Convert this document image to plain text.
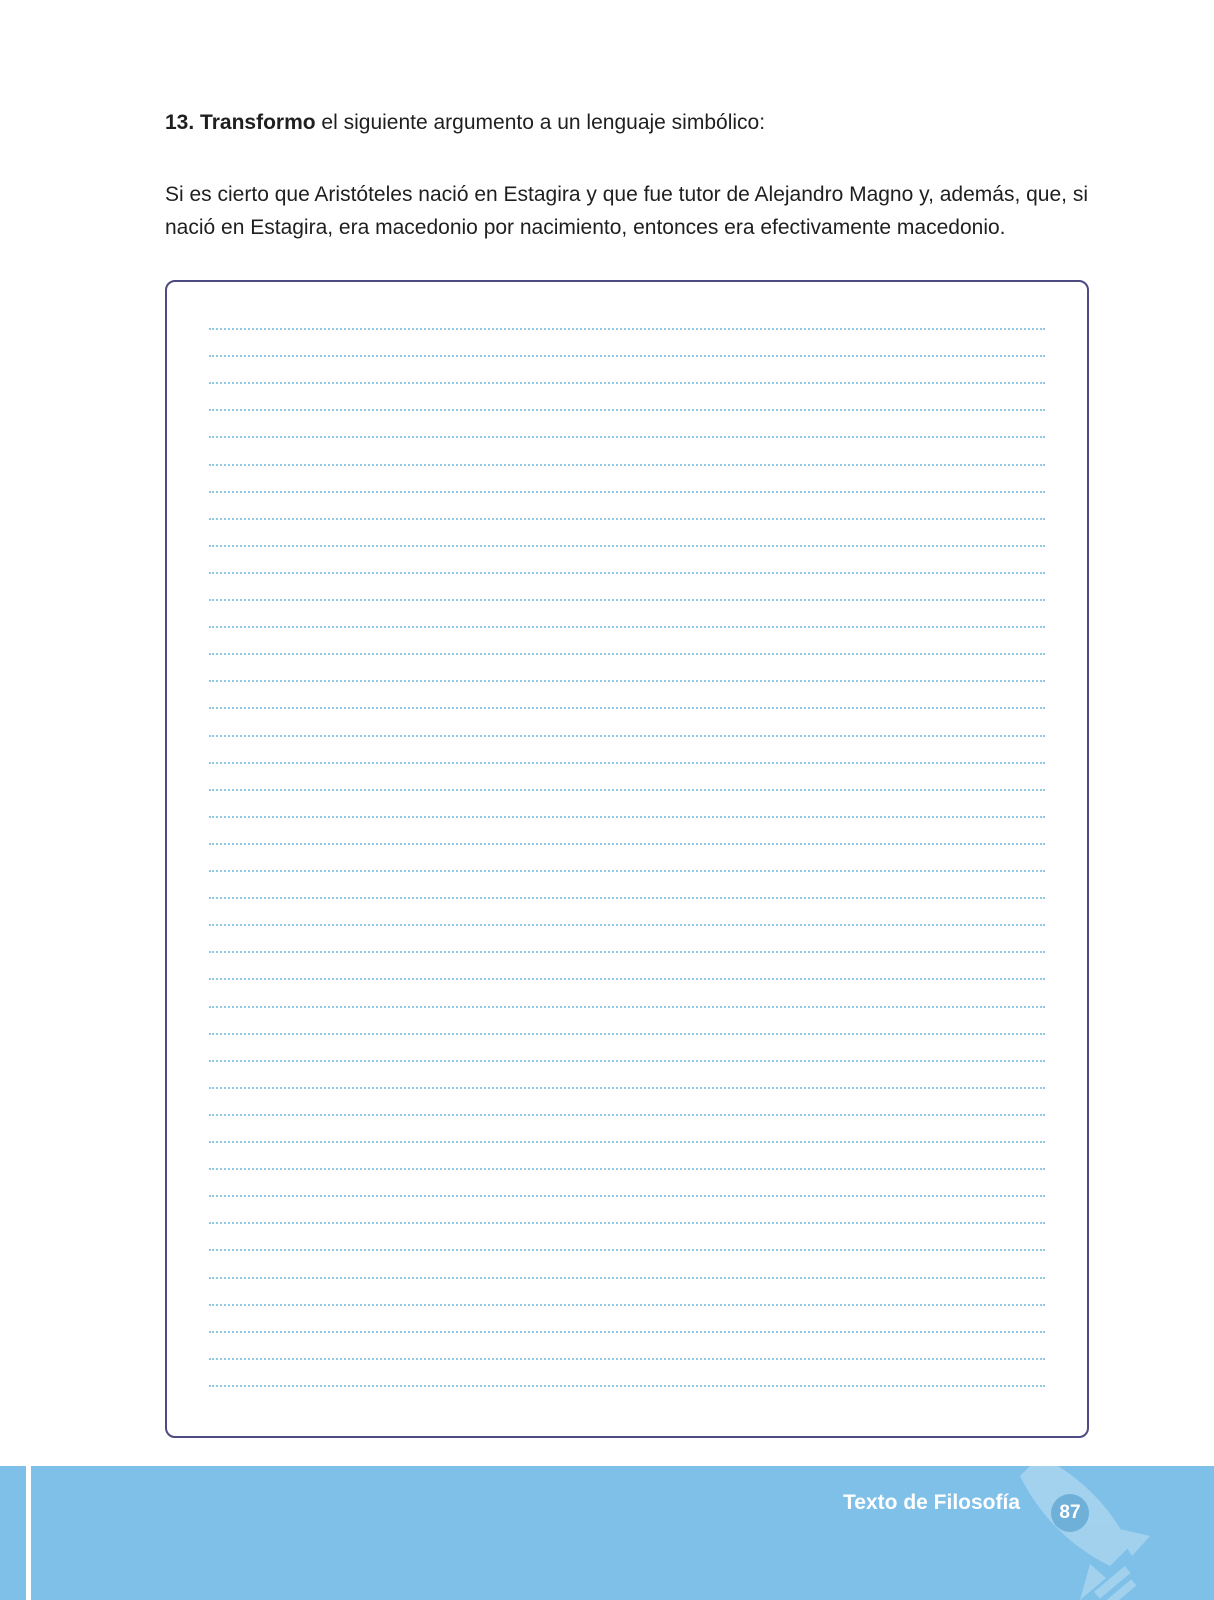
13. Transformo el siguiente argumento a un lenguaje simbólico:

Si es cierto que Aristóteles nació en Estagira y que fue tutor de Alejandro Magno y, además, que, si nació en Estagira, era macedonio por nacimiento, entonces era efectivamente macedonio.

Texto de Filosofía 87
